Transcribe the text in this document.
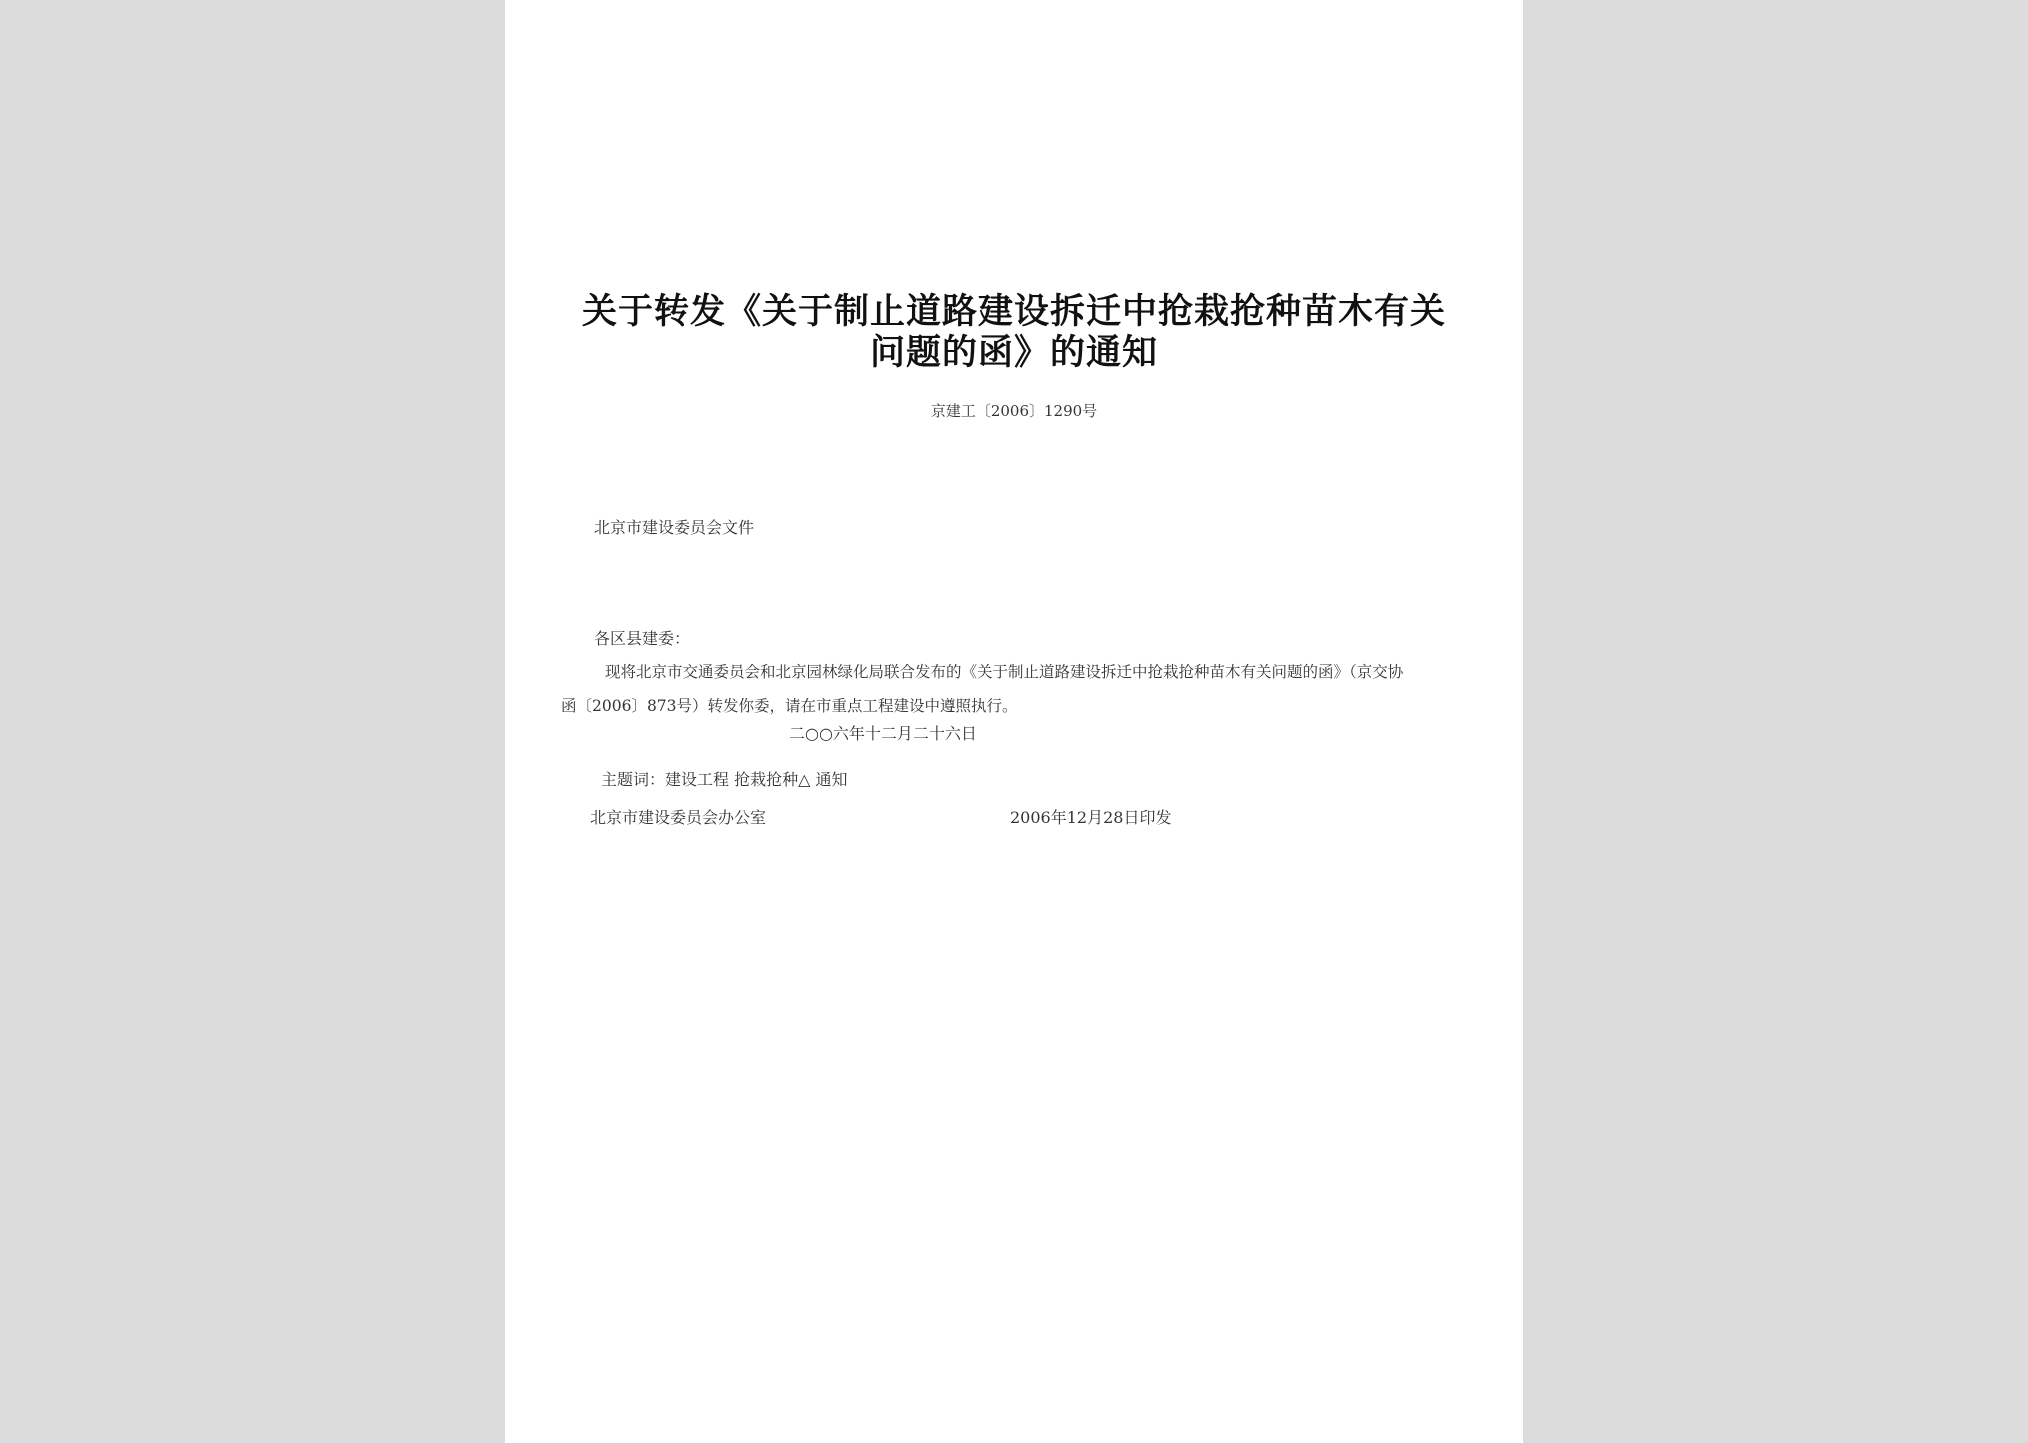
关于转发《关于制止道路建设拆迁中抢栽抢种苗木有关
问题的函》的通知
京建工〔2006〕1290号
北京市建设委员会文件
各区县建委：
现将北京市交通委员会和北京园林绿化局联合发布的《关于制止道路建设拆迁中抢栽抢种苗木有关问题的函》（京交协
函〔2006〕873号）转发你委，请在市重点工程建设中遵照执行。
二○○六年十二月二十六日
主题词：建设工程 抢栽抢种△ 通知
北京市建设委员会办公室	2006年12月28日印发
